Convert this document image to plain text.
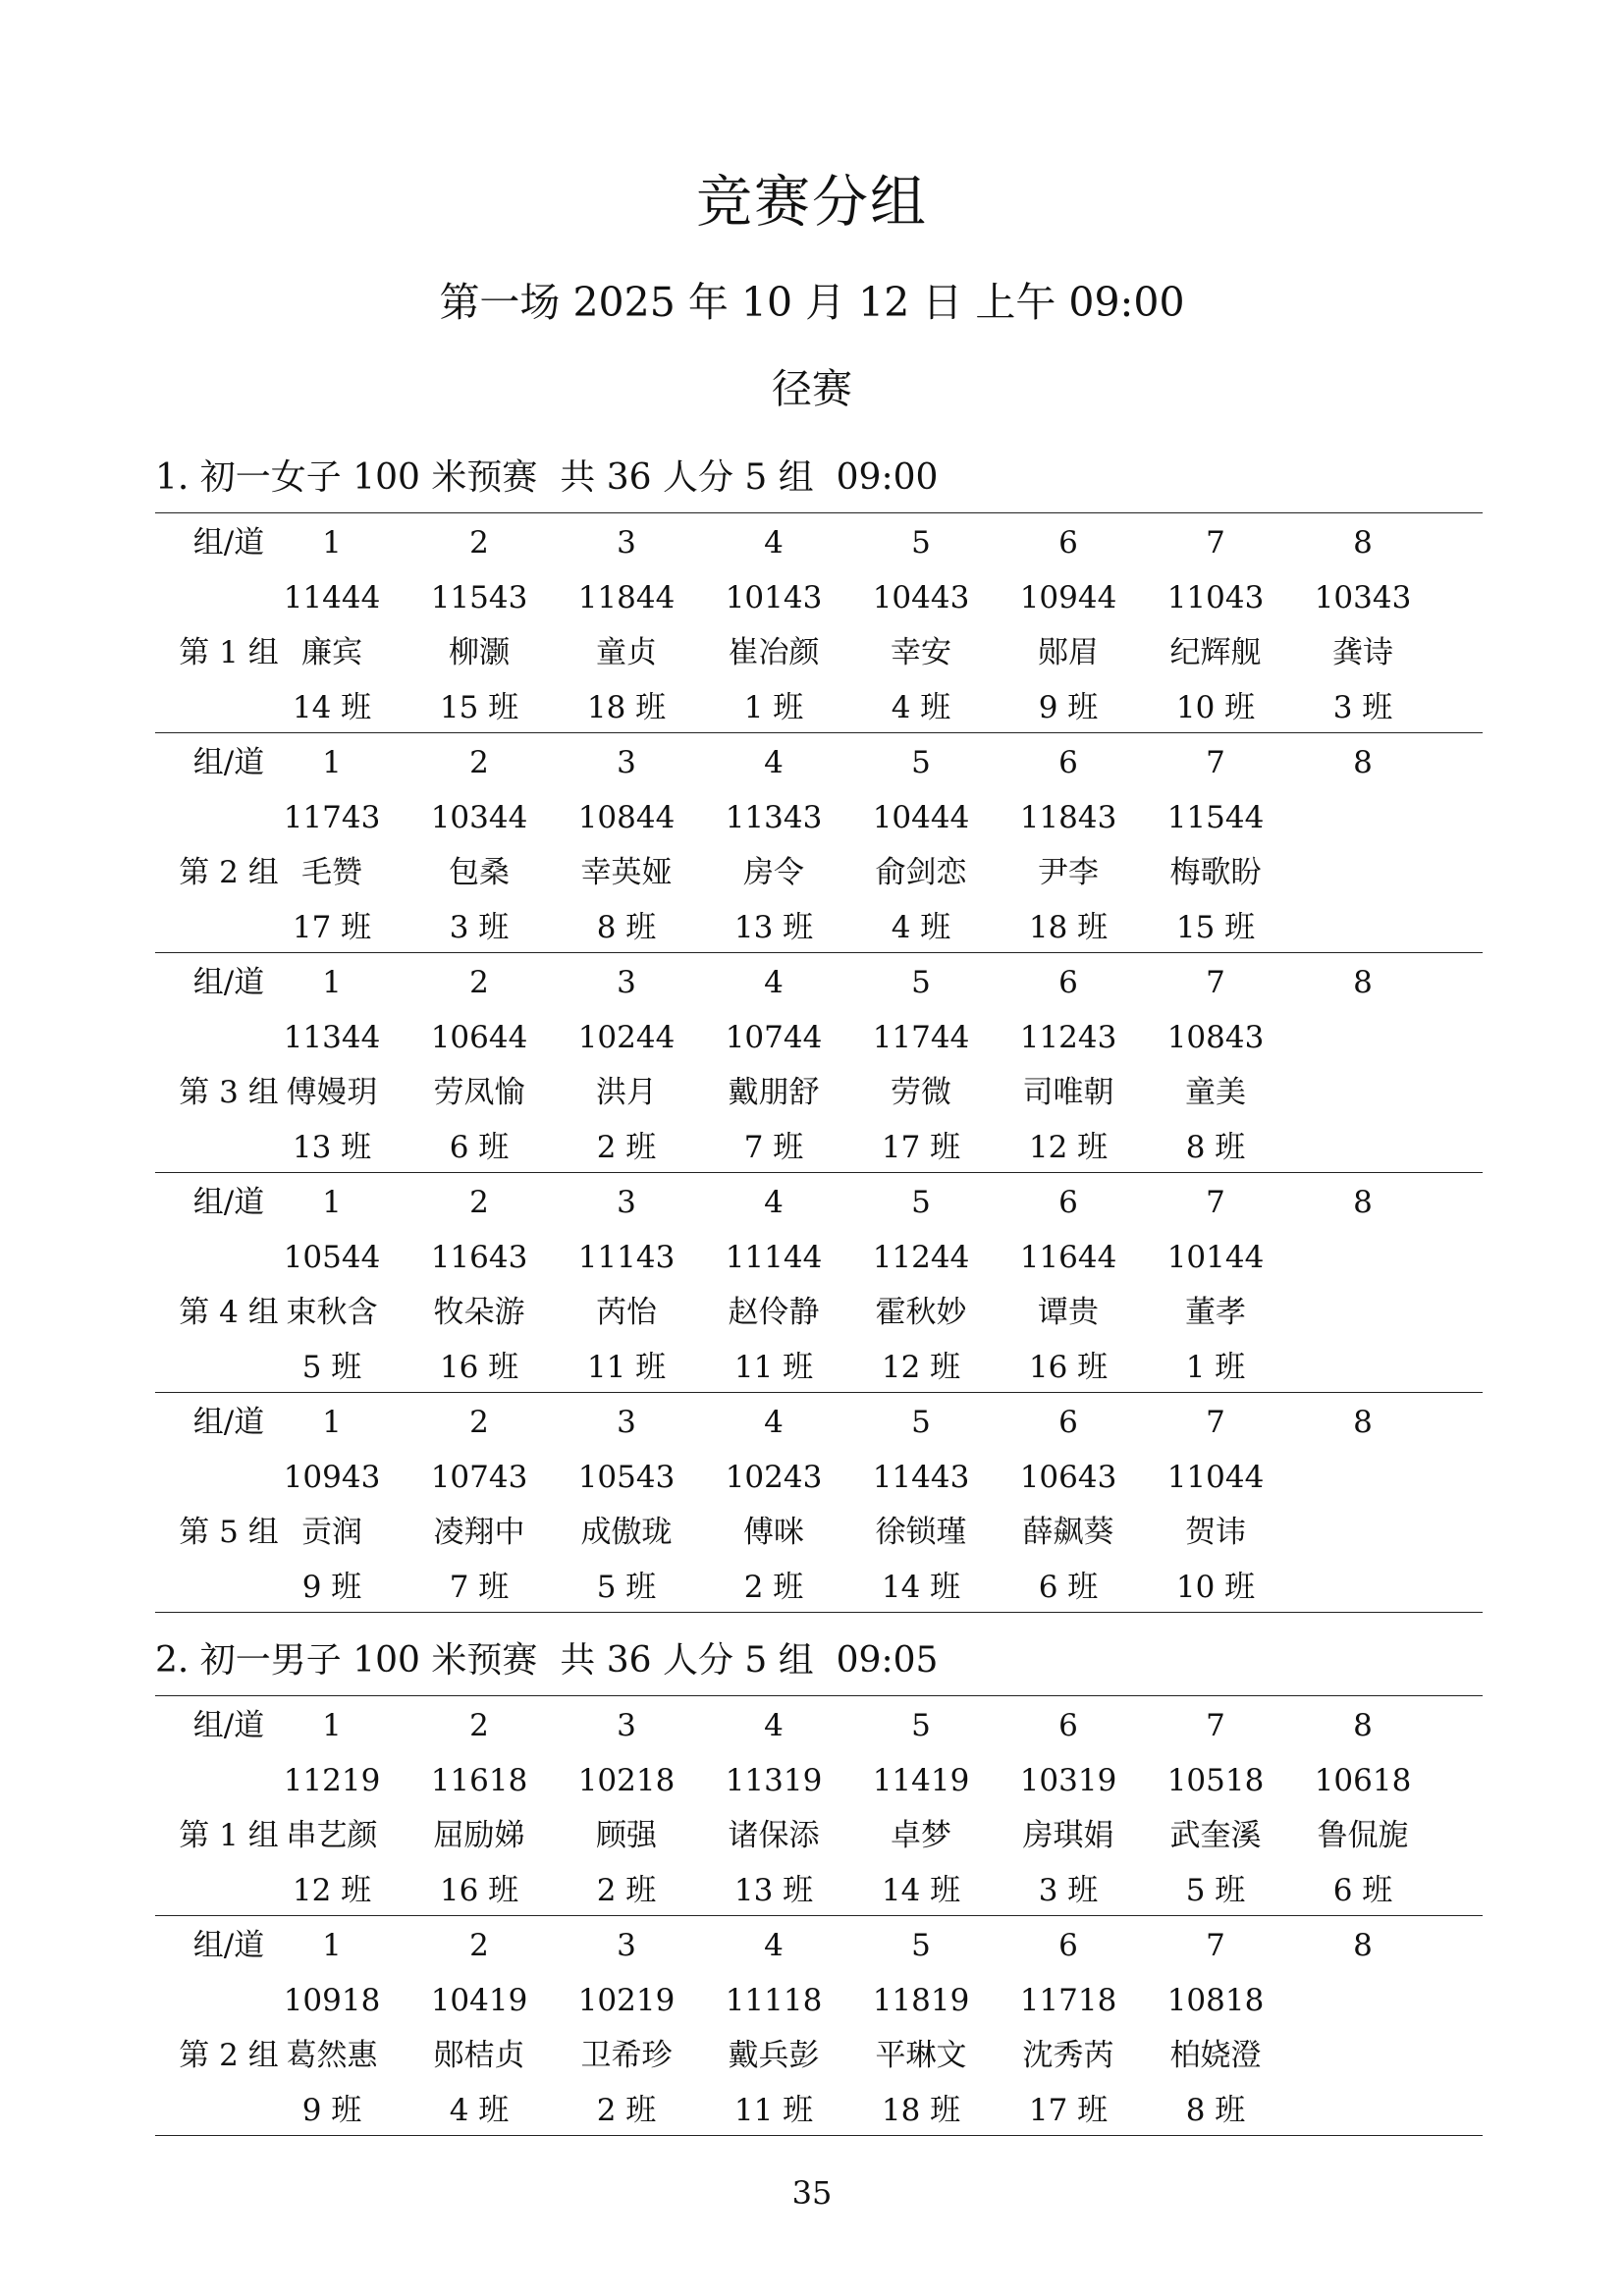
竞赛分组
第一场 2025 年 10 月 12 日 上午 09:00
径赛
1. 初一女子 100 米预赛  共 36 人分 5 组  09:00
组/道	1	2	3	4	5	6	7	8
第 1 组
11444	11543	11844	10143	10443	10944	11043	10343
廉宾	柳灏	童贞	崔冶颜	幸安	郧眉	纪辉舰	龚诗
14 班	15 班	18 班	1 班	4 班	9 班	10 班	3 班
组/道	1	2	3	4	5	6	7	8
第 2 组
11743	10344	10844	11343	10444	11843	11544
毛赞	包桑	幸英娅	房令	俞剑恋	尹李	梅歌盼
17 班	3 班	8 班	13 班	4 班	18 班	15 班
组/道	1	2	3	4	5	6	7	8
第 3 组
11344	10644	10244	10744	11744	11243	10843
傅嫚玥	劳凤愉	洪月	戴朋舒	劳微	司唯朝	童美
13 班	6 班	2 班	7 班	17 班	12 班	8 班
组/道	1	2	3	4	5	6	7	8
第 4 组
10544	11643	11143	11144	11244	11644	10144
束秋含	牧朵游	芮怡	赵伶静	霍秋妙	谭贵	董孝
5 班	16 班	11 班	11 班	12 班	16 班	1 班
组/道	1	2	3	4	5	6	7	8
第 5 组
10943	10743	10543	10243	11443	10643	11044
贡润	凌翔中	成傲珑	傅咪	徐锁瑾	薛飙葵	贺讳
9 班	7 班	5 班	2 班	14 班	6 班	10 班
2. 初一男子 100 米预赛  共 36 人分 5 组  09:05
组/道	1	2	3	4	5	6	7	8
第 1 组
11219	11618	10218	11319	11419	10319	10518	10618
串艺颜	屈励娣	顾强	诸保添	卓梦	房琪娟	武奎溪	鲁侃旎
12 班	16 班	2 班	13 班	14 班	3 班	5 班	6 班
组/道	1	2	3	4	5	6	7	8
第 2 组
10918	10419	10219	11118	11819	11718	10818
葛然惠	郧桔贞	卫希珍	戴兵彭	平琳文	沈秀芮	柏娆澄
9 班	4 班	2 班	11 班	18 班	17 班	8 班
35
